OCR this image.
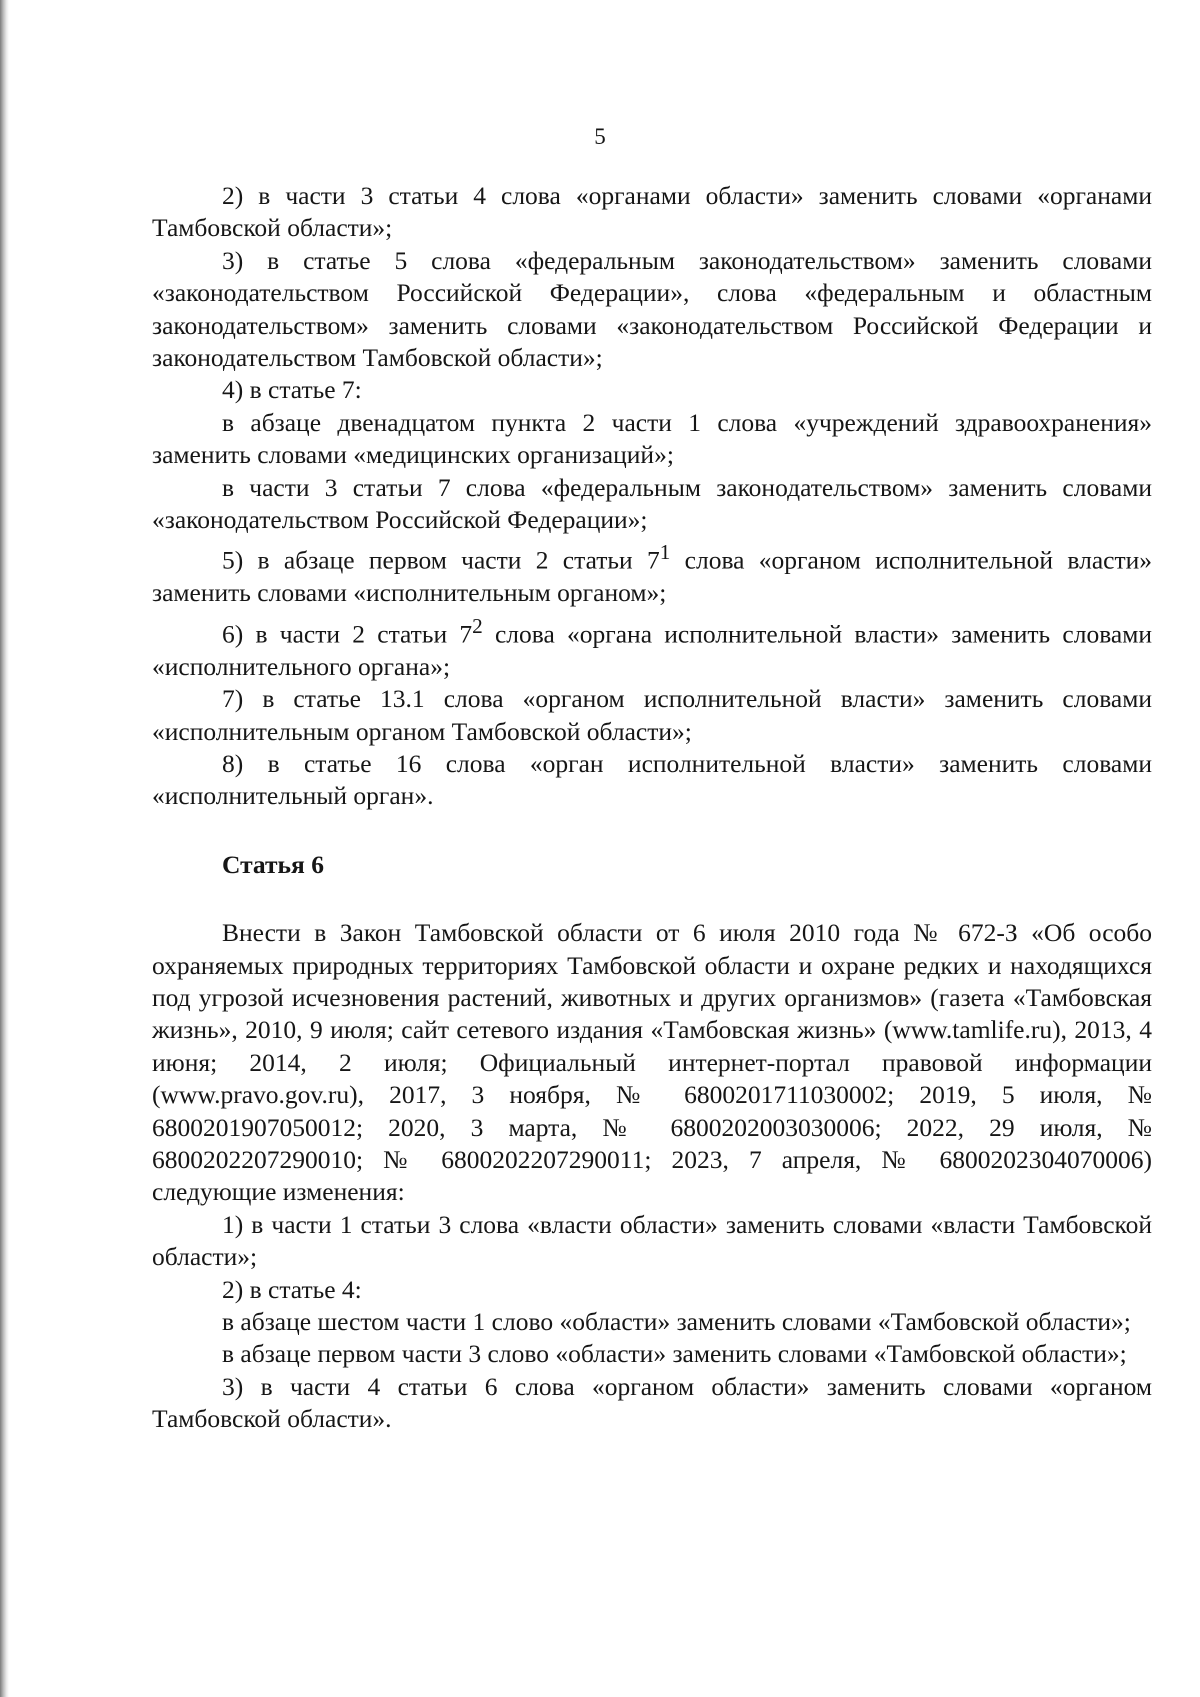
5

2) в части 3 статьи 4 слова «органами области» заменить словами «органами Тамбовской области»;

3) в статье 5 слова «федеральным законодательством» заменить словами «законодательством Российской Федерации», слова «федеральным и областным законодательством» заменить словами «законодательством Российской Федерации и законодательством Тамбовской области»;

4) в статье 7:

в абзаце двенадцатом пункта 2 части 1 слова «учреждений здравоохранения» заменить словами «медицинских организаций»;

в части 3 статьи 7 слова «федеральным законодательством» заменить словами «законодательством Российской Федерации»;

5) в абзаце первом части 2 статьи $7^1$ слова «органом исполнительной власти» заменить словами «исполнительным органом»;

6) в части 2 статьи $7^2$ слова «органа исполнительной власти» заменить словами «исполнительного органа»;

7) в статье 13.1 слова «органом исполнительной власти» заменить словами «исполнительным органом Тамбовской области»;

8) в статье 16 слова «орган исполнительной власти» заменить словами «исполнительный орган».

Статья 6

Внести в Закон Тамбовской области от 6 июля 2010 года № 672-З «Об особо охраняемых природных территориях Тамбовской области и охране редких и находящихся под угрозой исчезновения растений, животных и других организмов» (газета «Тамбовская жизнь», 2010, 9 июля; сайт сетевого издания «Тамбовская жизнь» (www.tamlife.ru), 2013, 4 июня; 2014, 2 июля; Официальный интернет-портал правовой информации (www.pravo.gov.ru), 2017, 3 ноября, № 6800201711030002; 2019, 5 июля, № 6800201907050012; 2020, 3 марта, № 6800202003030006; 2022, 29 июля, № 6800202207290010; № 6800202207290011; 2023, 7 апреля, № 6800202304070006) следующие изменения:

1) в части 1 статьи 3 слова «власти области» заменить словами «власти Тамбовской области»;

2) в статье 4:

в абзаце шестом части 1 слово «области» заменить словами «Тамбовской области»;

в абзаце первом части 3 слово «области» заменить словами «Тамбовской области»;

3) в части 4 статьи 6 слова «органом области» заменить словами «органом Тамбовской области».
